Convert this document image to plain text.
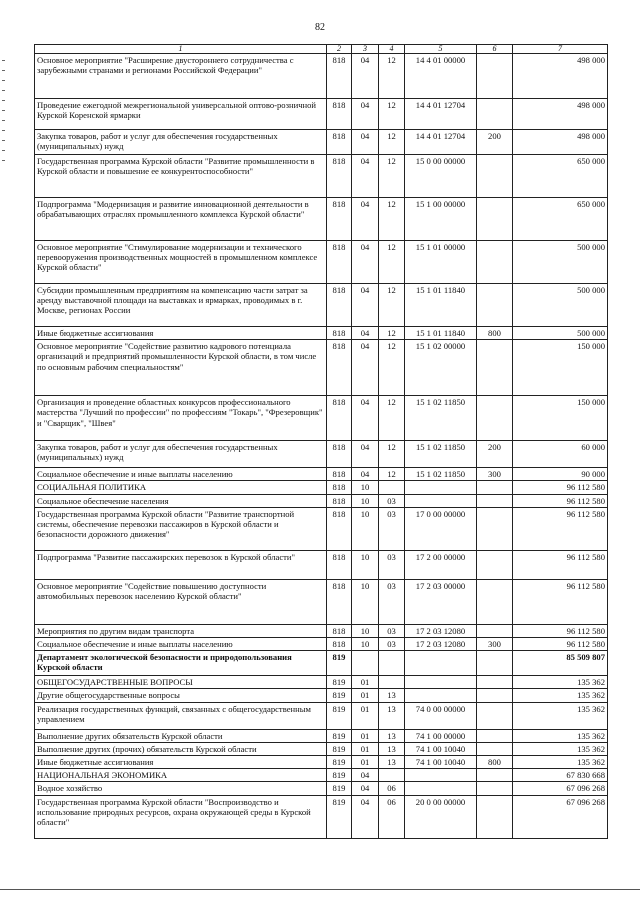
82
1	2	3	4	5	6	7
Основное мероприятие "Расширение двустороннего сотрудничества с зарубежными странами и регионами Российской Федерации"	818	04	12	14 4 01 00000		498 000
Проведение ежегодной межрегиональной универсальной оптово-розничной Курской Коренской ярмарки	818	04	12	14 4 01 12704		498 000
Закупка товаров, работ и услуг для обеспечения государственных (муниципальных) нужд	818	04	12	14 4 01 12704	200	498 000
Государственная программа Курской области "Развитие промышленности в Курской области и повышение ее конкурентоспособности"	818	04	12	15 0 00 00000		650 000
Подпрограмма "Модернизация и развитие инновационной деятельности в обрабатывающих отраслях промышленного комплекса Курской области"	818	04	12	15 1 00 00000		650 000
Основное мероприятие "Стимулирование модернизации и технического перевооружения производственных мощностей в промышленном комплексе Курской области"	818	04	12	15 1 01 00000		500 000
Субсидии промышленным предприятиям на компенсацию части затрат за аренду выставочной площади на выставках и ярмарках, проводимых в г. Москве, регионах России	818	04	12	15 1 01 11840		500 000
Иные бюджетные ассигнования	818	04	12	15 1 01 11840	800	500 000
Основное мероприятие "Содействие развитию кадрового потенциала организаций и предприятий промышленности Курской области, в том числе по основным рабочим специальностям"	818	04	12	15 1 02 00000		150 000
Организация и проведение областных конкурсов профессионального мастерства "Лучший по профессии" по профессиям "Токарь", "Фрезеровщик" и "Сварщик", "Швея"	818	04	12	15 1 02 11850		150 000
Закупка товаров, работ и услуг для обеспечения государственных (муниципальных) нужд	818	04	12	15 1 02 11850	200	60 000
Социальное обеспечение и иные выплаты населению	818	04	12	15 1 02 11850	300	90 000
СОЦИАЛЬНАЯ ПОЛИТИКА	818	10				96 112 580
Социальное обеспечение населения	818	10	03			96 112 580
Государственная программа Курской области "Развитие транспортной системы, обеспечение перевозки пассажиров в Курской области и безопасности дорожного движения"	818	10	03	17 0 00 00000		96 112 580
Подпрограмма "Развитие пассажирских перевозок в Курской области"	818	10	03	17 2 00 00000		96 112 580
Основное мероприятие "Содействие повышению доступности автомобильных перевозок населению Курской области"	818	10	03	17 2 03 00000		96 112 580
Мероприятия по другим видам транспорта	818	10	03	17 2 03 12080		96 112 580
Социальное обеспечение и иные выплаты населению	818	10	03	17 2 03 12080	300	96 112 580
Департамент экологической безопасности и природопользования Курской области	819					85 509 807
ОБЩЕГОСУДАРСТВЕННЫЕ ВОПРОСЫ	819	01				135 362
Другие общегосударственные вопросы	819	01	13			135 362
Реализация государственных функций, связанных с общегосударственным управлением	819	01	13	74 0 00 00000		135 362
Выполнение других обязательств Курской области	819	01	13	74 1 00 00000		135 362
Выполнение других (прочих) обязательств Курской области	819	01	13	74 1 00 10040		135 362
Иные бюджетные ассигнования	819	01	13	74 1 00 10040	800	135 362
НАЦИОНАЛЬНАЯ ЭКОНОМИКА	819	04				67 830 668
Водное хозяйство	819	04	06			67 096 268
Государственная программа Курской области "Воспроизводство и использование природных ресурсов, охрана окружающей среды в Курской области"	819	04	06	20 0 00 00000		67 096 268
